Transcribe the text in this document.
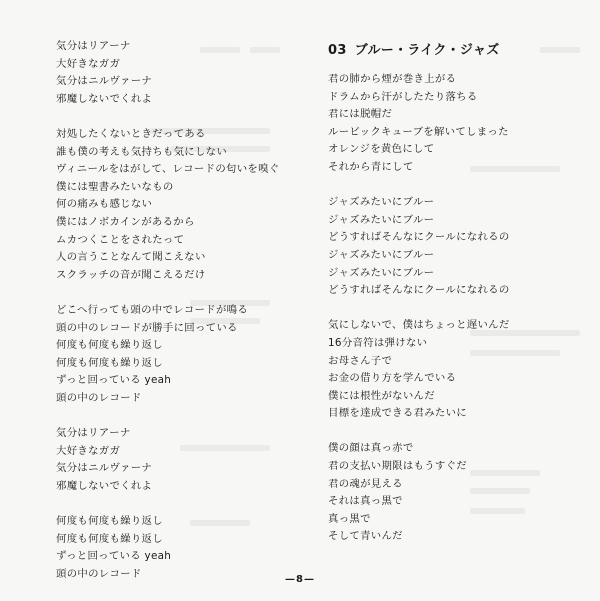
気分はリアーナ
大好きなガガ
気分はニルヴァーナ
邪魔しないでくれよ
対処したくないときだってある
誰も僕の考えも気持ちも気にしない
ヴィニールをはがして、レコードの匂いを嗅ぐ
僕には聖書みたいなもの
何の痛みも感じない
僕にはノボカインがあるから
ムカつくことをされたって
人の言うことなんて聞こえない
スクラッチの音が聞こえるだけ
どこへ行っても頭の中でレコードが鳴る
頭の中のレコードが勝手に回っている
何度も何度も繰り返し
何度も何度も繰り返し
ずっと回っている yeah
頭の中のレコード
気分はリアーナ
大好きなガガ
気分はニルヴァーナ
邪魔しないでくれよ
何度も何度も繰り返し
何度も何度も繰り返し
ずっと回っている yeah
頭の中のレコード
03 ブルー・ライク・ジャズ
君の肺から煙が巻き上がる
ドラムから汗がしたたり落ちる
君には脱帽だ
ルービックキューブを解いてしまった
オレンジを黄色にして
それから青にして
ジャズみたいにブルー
ジャズみたいにブルー
どうすればそんなにクールになれるの
ジャズみたいにブルー
ジャズみたいにブルー
どうすればそんなにクールになれるの
気にしないで、僕はちょっと遅いんだ
16分音符は弾けない
お母さん子で
お金の借り方を学んでいる
僕には根性がないんだ
目標を達成できる君みたいに
僕の顔は真っ赤で
君の支払い期限はもうすぐだ
君の魂が見える
それは真っ黒で
真っ黒で
そして青いんだ
—8—
